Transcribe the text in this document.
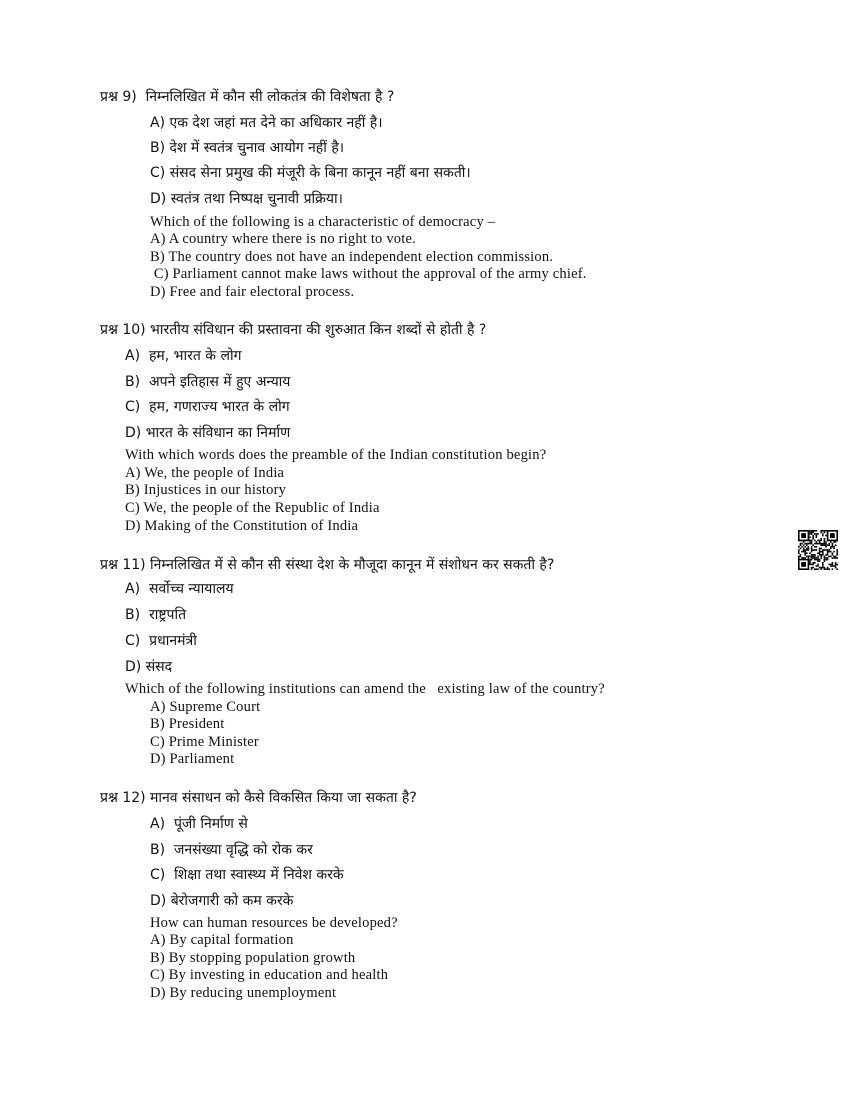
प्रश्न 9)  निम्नलिखित में कौन सी लोकतंत्र की विशेषता है ?
A) एक देश जहां मत देने का अधिकार नहीं है।
B) देश में स्वतंत्र चुनाव आयोग नहीं है।
C) संसद सेना प्रमुख की मंजूरी के बिना कानून नहीं बना सकती।
D) स्वतंत्र तथा निष्पक्ष चुनावी प्रक्रिया।
Which of the following is a characteristic of democracy –
A) A country where there is no right to vote.
B) The country does not have an independent election commission.
C) Parliament cannot make laws without the approval of the army chief.
D) Free and fair electoral process.
प्रश्न 10) भारतीय संविधान की प्रस्तावना की शुरुआत किन शब्दों से होती है ?
A)  हम, भारत के लोग
B)  अपने इतिहास में हुए अन्याय
C)  हम, गणराज्य भारत के लोग
D) भारत के संविधान का निर्माण
With which words does the preamble of the Indian constitution begin?
A) We, the people of India
B) Injustices in our history
C) We, the people of the Republic of India
D) Making of the Constitution of India
प्रश्न 11) निम्नलिखित में से कौन सी संस्था देश के मौजूदा कानून में संशोधन कर सकती है?
A)  सर्वोच्च न्यायालय
B)  राष्ट्रपति
C)  प्रधानमंत्री
D) संसद
Which of the following institutions can amend the   existing law of the country?
A) Supreme Court
B) President
C) Prime Minister
D) Parliament
प्रश्न 12) मानव संसाधन को कैसे विकसित किया जा सकता है?
A)  पूंजी निर्माण से
B)  जनसंख्या वृद्धि को रोक कर
C)  शिक्षा तथा स्वास्थ्य में निवेश करके
D) बेरोजगारी को कम करके
How can human resources be developed?
A) By capital formation
B) By stopping population growth
C) By investing in education and health
D) By reducing unemployment
